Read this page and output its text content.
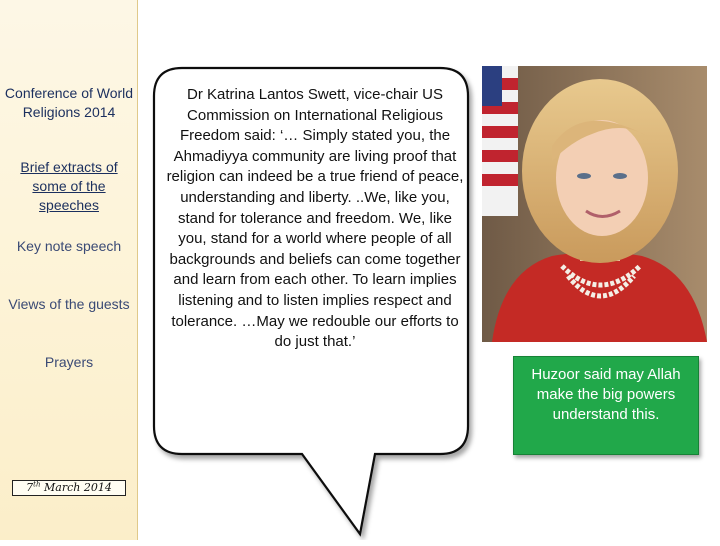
Conference of World Religions 2014
Brief extracts of some of the speeches
Key note speech
Views of the guests
Prayers
7th March 2014
Dr Katrina Lantos Swett, vice-chair US Commission on International Religious Freedom said: ‘… Simply stated you, the Ahmadiyya community are living proof that religion can indeed be a true friend of peace, understanding and liberty. ..We, like you, stand for tolerance and freedom. We, like you, stand for a world where people of all backgrounds and beliefs can come together and learn from each other. To learn implies listening and to listen implies respect and tolerance. …May we redouble our efforts to do just that.’
Huzoor said may Allah make the big powers understand this.
